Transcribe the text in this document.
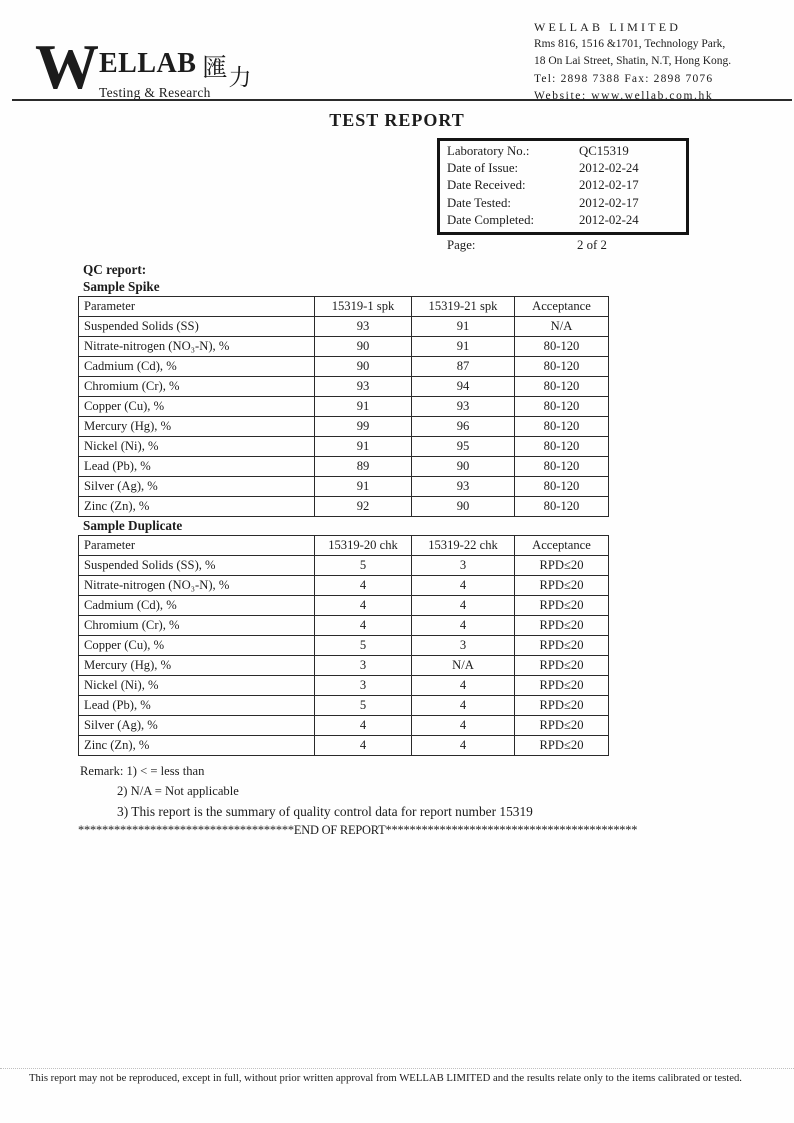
W ELLAB 匯力
Testing & Research
WELLAB LIMITED
Rms 816, 1516 &1701, Technology Park,
18 On Lai Street, Shatin, N.T, Hong Kong.
Tel: 2898 7388 Fax: 2898 7076
Website: www.wellab.com.hk
TEST REPORT
Laboratory No.:	QC15319
Date of Issue:	2012-02-24
Date Received:	2012-02-17
Date Tested:	2012-02-17
Date Completed:	2012-02-24
Page:	2 of 2
QC report:
Sample Spike
Parameter	15319-1 spk	15319-21 spk	Acceptance
Suspended Solids (SS)	93	91	N/A
Nitrate-nitrogen (NO₃-N), %	90	91	80-120
Cadmium (Cd), %	90	87	80-120
Chromium (Cr), %	93	94	80-120
Copper (Cu), %	91	93	80-120
Mercury (Hg), %	99	96	80-120
Nickel (Ni), %	91	95	80-120
Lead (Pb), %	89	90	80-120
Silver (Ag), %	91	93	80-120
Zinc (Zn), %	92	90	80-120
Sample Duplicate
Parameter	15319-20 chk	15319-22 chk	Acceptance
Suspended Solids (SS), %	5	3	RPD≤20
Nitrate-nitrogen (NO₃-N), %	4	4	RPD≤20
Cadmium (Cd), %	4	4	RPD≤20
Chromium (Cr), %	4	4	RPD≤20
Copper (Cu), %	5	3	RPD≤20
Mercury (Hg), %	3	N/A	RPD≤20
Nickel (Ni), %	3	4	RPD≤20
Lead (Pb), %	5	4	RPD≤20
Silver (Ag), %	4	4	RPD≤20
Zinc (Zn), %	4	4	RPD≤20
Remark: 1) < = less than
2) N/A = Not applicable
3) This report is the summary of quality control data for report number 15319
************************************END OF REPORT******************************************
This report may not be reproduced, except in full, without prior written approval from WELLAB LIMITED and the results relate only to the items calibrated or tested.
